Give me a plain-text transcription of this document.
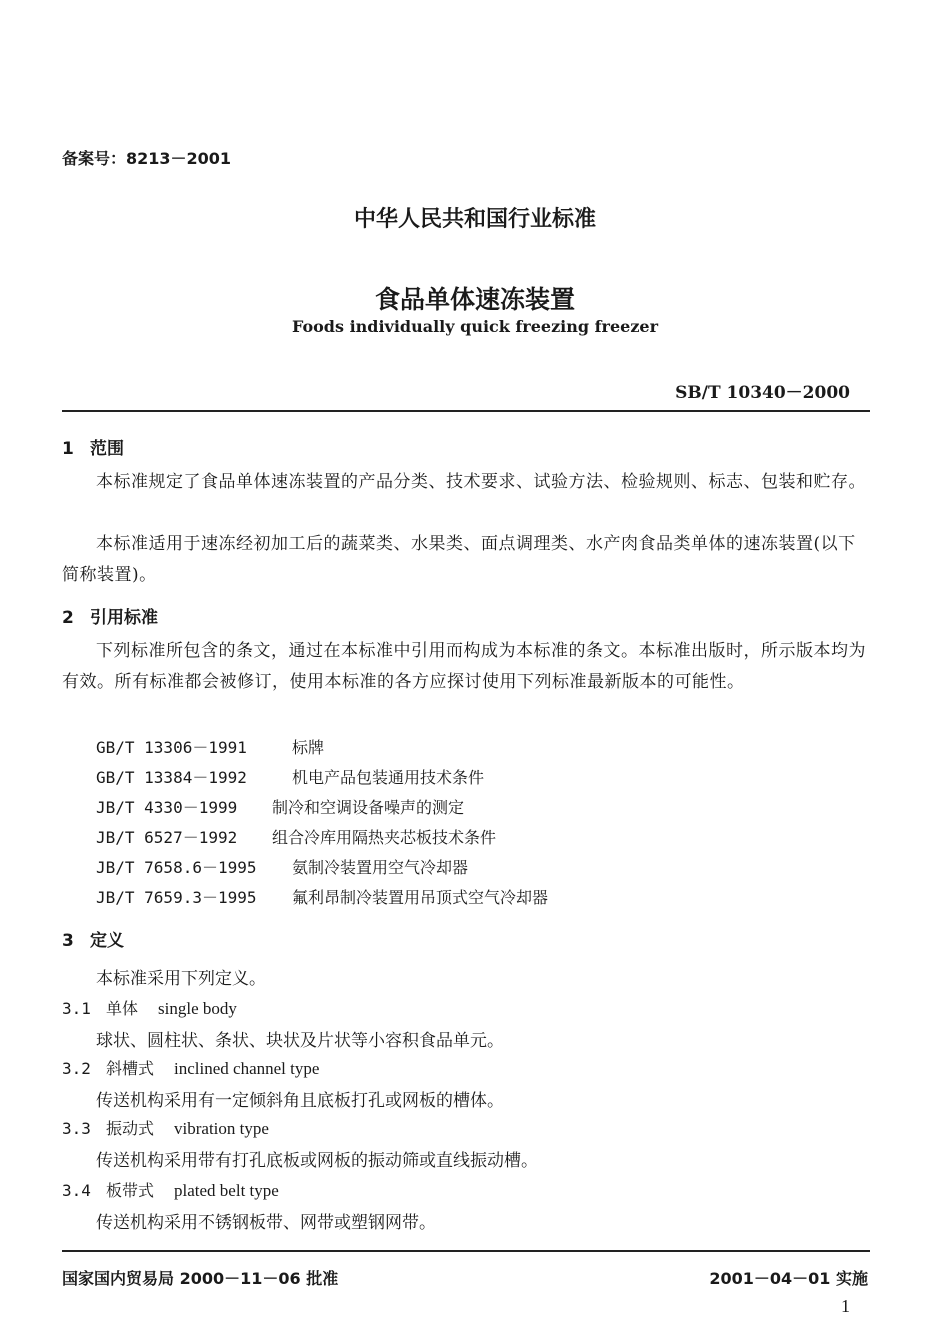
备案号：8213－2001
中华人民共和国行业标准
食品单体速冻装置
Foods individually quick freezing freezer
SB/T 10340－2000
1 范围
本标准规定了食品单体速冻装置的产品分类、技术要求、试验方法、检验规则、标志、包装和贮存。
本标准适用于速冻经初加工后的蔬菜类、水果类、面点调理类、水产肉食品类单体的速冻装置(以下简称装置)。
2 引用标准
下列标准所包含的条文，通过在本标准中引用而构成为本标准的条文。本标准出版时，所示版本均为有效。所有标准都会被修订，使用本标准的各方应探讨使用下列标准最新版本的可能性。
GB/T 13306－1991	标牌
GB/T 13384－1992	机电产品包装通用技术条件
JB/T 4330－1999 制冷和空调设备噪声的测定
JB/T 6527－1992 组合冷库用隔热夹芯板技术条件
JB/T 7658.6－1995 氨制冷装置用空气冷却器
JB/T 7659.3－1995 氟利昂制冷装置用吊顶式空气冷却器
3 定义
本标准采用下列定义。
3.1 单体 single body
球状、圆柱状、条状、块状及片状等小容积食品单元。
3.2 斜槽式 inclined channel type
传送机构采用有一定倾斜角且底板打孔或网板的槽体。
3.3 振动式 vibration type
传送机构采用带有打孔底板或网板的振动筛或直线振动槽。
3.4 板带式 plated belt type
传送机构采用不锈钢板带、网带或塑钢网带。
国家国内贸易局 2000－11－06 批准	2001－04－01 实施
1
